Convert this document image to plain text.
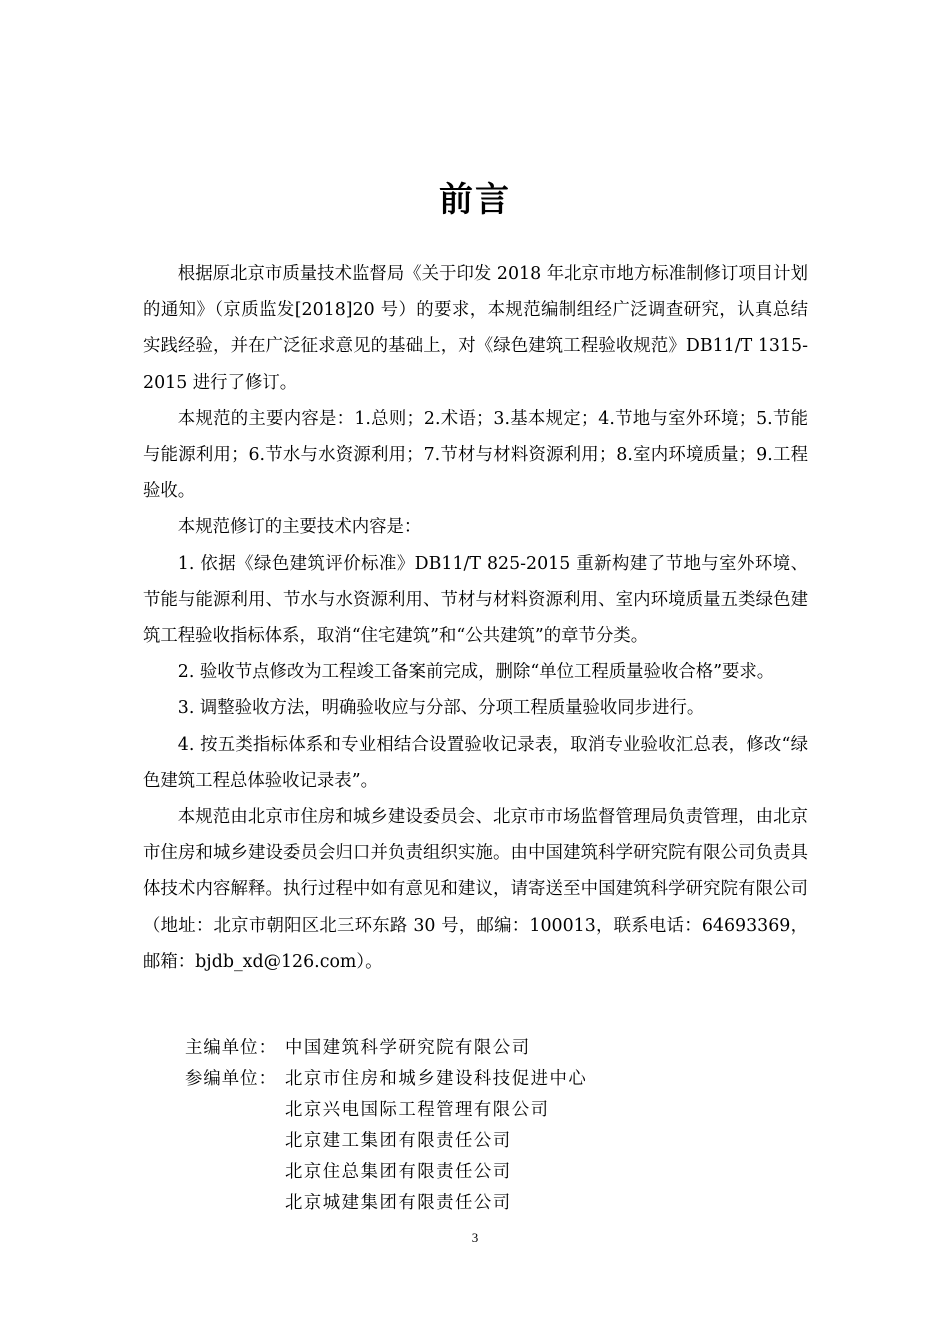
前言

根据原北京市质量技术监督局《关于印发 2018 年北京市地方标准制修订项目计划的通知》（京质监发[2018]20 号）的要求，本规范编制组经广泛调查研究，认真总结实践经验，并在广泛征求意见的基础上，对《绿色建筑工程验收规范》DB11/T 1315-2015 进行了修订。

本规范的主要内容是：1.总则；2.术语；3.基本规定；4.节地与室外环境；5.节能与能源利用；6.节水与水资源利用；7.节材与材料资源利用；8.室内环境质量；9.工程验收。

本规范修订的主要技术内容是：

1. 依据《绿色建筑评价标准》DB11/T 825-2015 重新构建了节地与室外环境、节能与能源利用、节水与水资源利用、节材与材料资源利用、室内环境质量五类绿色建筑工程验收指标体系，取消“住宅建筑”和“公共建筑”的章节分类。

2. 验收节点修改为工程竣工备案前完成，删除“单位工程质量验收合格”要求。

3. 调整验收方法，明确验收应与分部、分项工程质量验收同步进行。

4. 按五类指标体系和专业相结合设置验收记录表，取消专业验收汇总表，修改“绿色建筑工程总体验收记录表”。

本规范由北京市住房和城乡建设委员会、北京市市场监督管理局负责管理，由北京市住房和城乡建设委员会归口并负责组织实施。由中国建筑科学研究院有限公司负责具体技术内容解释。执行过程中如有意见和建议，请寄送至中国建筑科学研究院有限公司（地址：北京市朝阳区北三环东路 30 号，邮编：100013，联系电话：64693369，邮箱：bjdb_xd@126.com）。

主编单位： 中国建筑科学研究院有限公司
参编单位： 北京市住房和城乡建设科技促进中心
北京兴电国际工程管理有限公司
北京建工集团有限责任公司
北京住总集团有限责任公司
北京城建集团有限责任公司
3
